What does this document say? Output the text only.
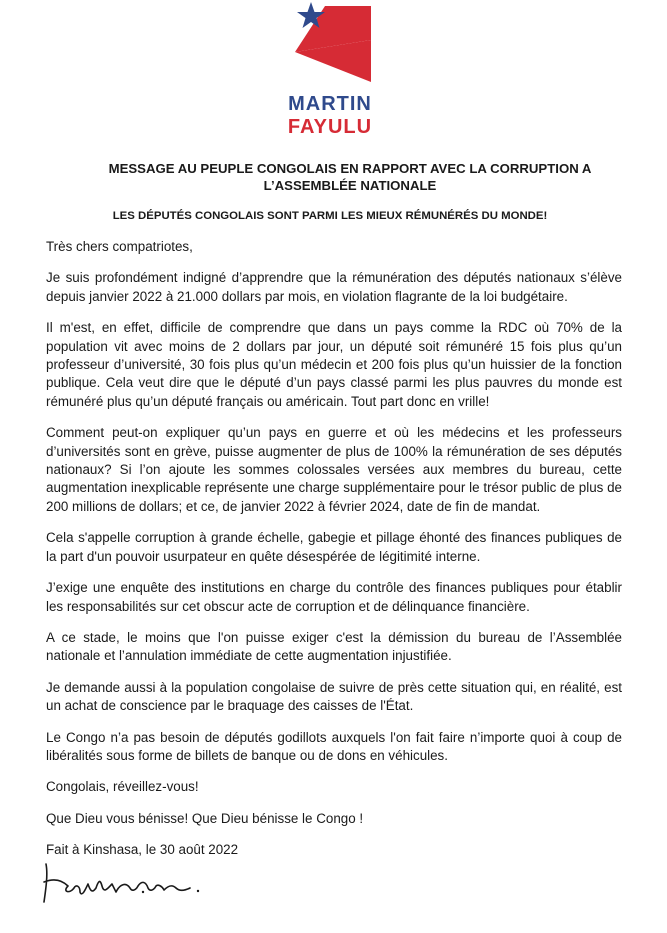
MARTIN
FAYULU
MESSAGE AU PEUPLE CONGOLAIS EN RAPPORT AVEC LA CORRUPTION A
L’ASSEMBLÉE NATIONALE
LES DÉPUTÉS CONGOLAIS SONT PARMI LES MIEUX RÉMUNÉRÉS DU MONDE!

Très chers compatriotes,

Je suis profondément indigné d’apprendre que la rémunération des députés nationaux s’élève depuis janvier 2022 à 21.000 dollars par mois, en violation flagrante de la loi budgétaire.

Il m'est, en effet, difficile de comprendre que dans un pays comme la RDC où 70% de la population vit avec moins de 2 dollars par jour, un député soit rémunéré 15 fois plus qu’un professeur d’université, 30 fois plus qu’un médecin et 200 fois plus qu’un huissier de la fonction publique. Cela veut dire que le député d’un pays classé parmi les plus pauvres du monde est rémunéré plus qu’un député français ou américain. Tout part donc en vrille!

Comment peut-on expliquer qu’un pays en guerre et où les médecins et les professeurs d’universités sont en grève, puisse augmenter de plus de 100% la rémunération de ses députés nationaux? Si l’on ajoute les sommes colossales versées aux membres du bureau, cette augmentation inexplicable représente une charge supplémentaire pour le trésor public de plus de 200 millions de dollars; et ce, de janvier 2022 à février 2024, date de fin de mandat.

Cela s'appelle corruption à grande échelle, gabegie et pillage éhonté des finances publiques de la part d'un pouvoir usurpateur en quête désespérée de légitimité interne.

J’exige une enquête des institutions en charge du contrôle des finances publiques pour établir les responsabilités sur cet obscur acte de corruption et de délinquance financière.

A ce stade, le moins que l'on puisse exiger c'est la démission du bureau de l’Assemblée nationale et l’annulation immédiate de cette augmentation injustifiée.

Je demande aussi à la population congolaise de suivre de près cette situation qui, en réalité, est un achat de conscience par le braquage des caisses de l'État.

Le Congo n’a pas besoin de députés godillots auxquels l'on fait faire n’importe quoi à coup de libéralités sous forme de billets de banque ou de dons en véhicules.

Congolais, réveillez-vous!

Que Dieu vous bénisse! Que Dieu bénisse le Congo !

Fait à Kinshasa, le 30 août 2022
